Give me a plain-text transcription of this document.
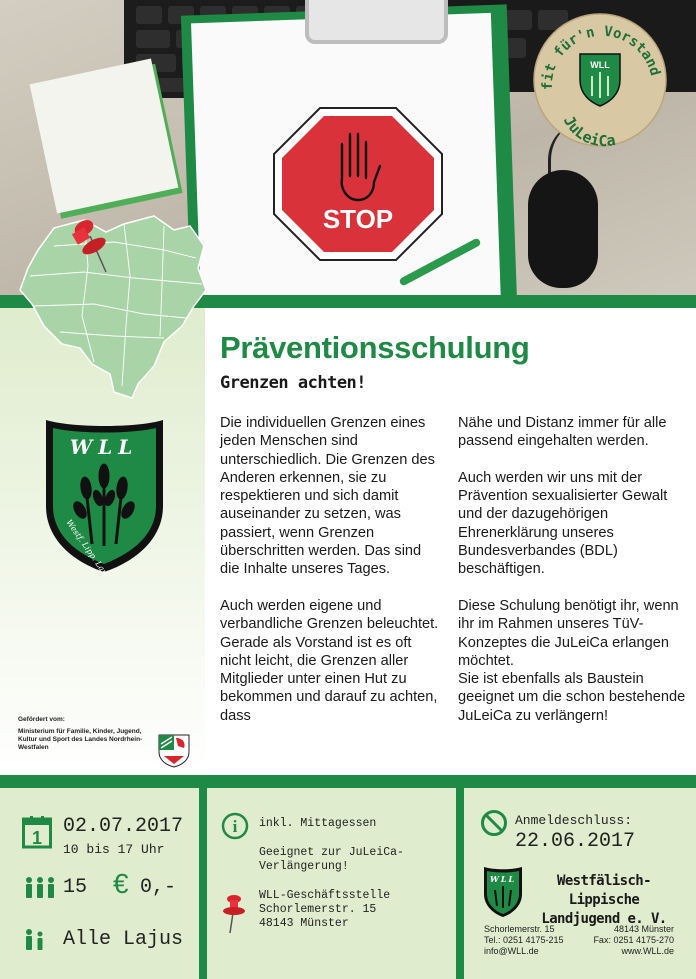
STOP
fit für'n Vorstand
JuLeiCa
WLL
WLL
Gefördert vom:
Ministerium für Familie, Kinder, Jugend, Kultur und Sport des Landes Nordrhein-Westfalen
Präventionsschulung
Grenzen achten!

Die individuellen Grenzen eines jeden Menschen sind unterschiedlich. Die Grenzen des Anderen erkennen, sie zu respektieren und sich damit auseinander zu setzen, was passiert, wenn Grenzen überschritten werden. Das sind die Inhalte unseres Tages.

Auch werden eigene und verbandliche Grenzen beleuchtet. Gerade als Vorstand ist es oft nicht leicht, die Grenzen aller Mitglieder unter einen Hut zu bekommen und darauf zu achten, dass

Nähe und Distanz immer für alle passend eingehalten werden.

Auch werden wir uns mit der Prävention sexualisierter Gewalt und der dazugehörigen Ehrenerklärung unseres Bundesverbandes (BDL) beschäftigen.

Diese Schulung benötigt ihr, wenn ihr im Rahmen unseres TüV-Konzeptes die JuLeiCa erlangen möchtet.

Sie ist ebenfalls als Baustein geeignet um die schon bestehende JuLeiCa zu verlängern!

1 02.07.2017
10 bis 17 Uhr
15 € 0,-
Alle Lajus
i inkl. Mittagessen
Geeignet zur JuLeiCa-
Verlängerung!
WLL-Geschäftsstelle
Schorlemerstr. 15
48143 Münster
Anmeldeschluss:
22.06.2017
WLL	Westfälisch-Lippische
Landjugend e. V.
Schorlemerstr. 15	48143 Münster
Tel.: 0251 4175-215	Fax: 0251 4175-270
info@WLL.de	www.WLL.de
